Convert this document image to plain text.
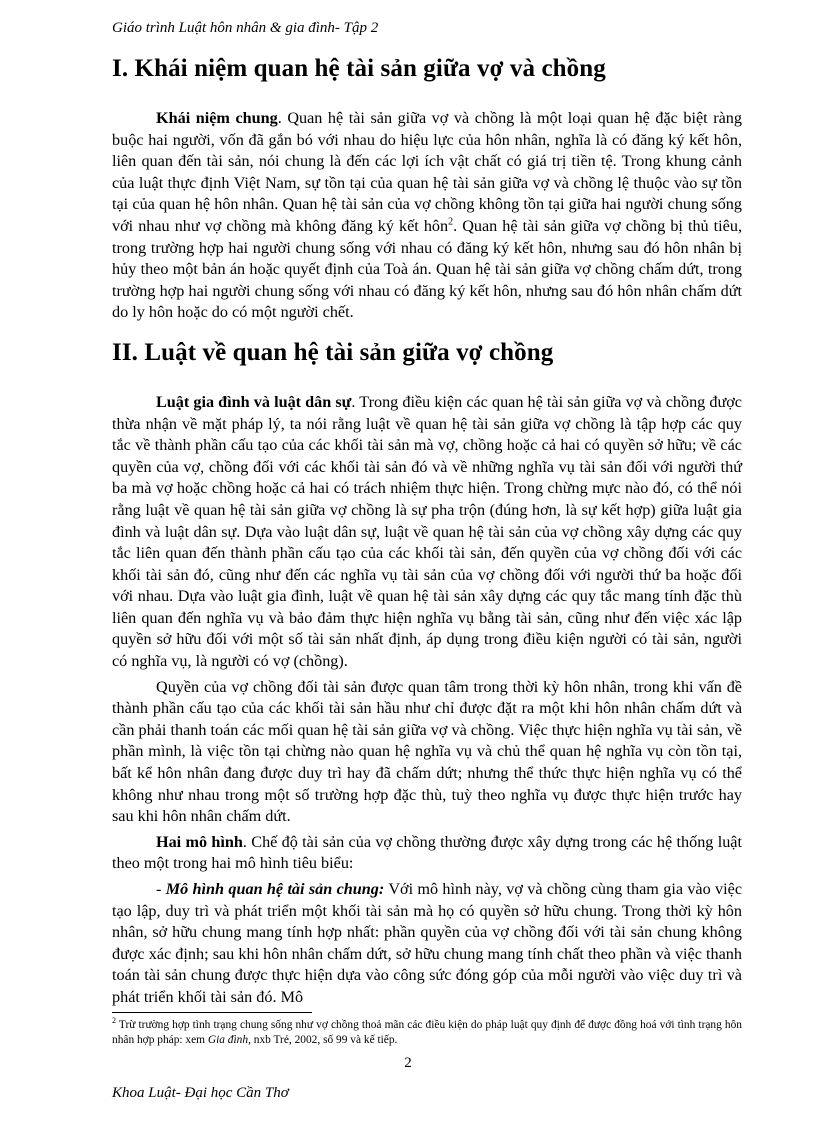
Giáo trình Luật hôn nhân & gia đình- Tập 2
I. Khái niệm quan hệ tài sản giữa vợ và chồng

Khái niệm chung. Quan hệ tài sản giữa vợ và chồng là một loại quan hệ đặc biệt ràng buộc hai người, vốn đã gắn bó với nhau do hiệu lực của hôn nhân, nghĩa là có đăng ký kết hôn, liên quan đến tài sản, nói chung là đến các lợi ích vật chất có giá trị tiền tệ. Trong khung cảnh của luật thực định Việt Nam, sự tồn tại của quan hệ tài sản giữa vợ và chồng lệ thuộc vào sự tồn tại của quan hệ hôn nhân. Quan hệ tài sản của vợ chồng không tồn tại giữa hai người chung sống với nhau như vợ chồng mà không đăng ký kết hôn$^2$. Quan hệ tài sản giữa vợ chồng bị thủ tiêu, trong trường hợp hai người chung sống với nhau có đăng ký kết hôn, nhưng sau đó hôn nhân bị hủy theo một bản án hoặc quyết định của Toà án. Quan hệ tài sản giữa vợ chồng chấm dứt, trong trường hợp hai người chung sống với nhau có đăng ký kết hôn, nhưng sau đó hôn nhân chấm dứt do ly hôn hoặc do có một người chết.

II. Luật về quan hệ tài sản giữa vợ chồng

Luật gia đình và luật dân sự. Trong điều kiện các quan hệ tài sản giữa vợ và chồng được thừa nhận về mặt pháp lý, ta nói rằng luật về quan hệ tài sản giữa vợ chồng là tập hợp các quy tắc về thành phần cấu tạo của các khối tài sản mà vợ, chồng hoặc cả hai có quyền sở hữu; về các quyền của vợ, chồng đối với các khối tài sản đó và về những nghĩa vụ tài sản đối với người thứ ba mà vợ hoặc chồng hoặc cả hai có trách nhiệm thực hiện. Trong chừng mực nào đó, có thể nói rằng luật về quan hệ tài sản giữa vợ chồng là sự pha trộn (đúng hơn, là sự kết hợp) giữa luật gia đình và luật dân sự. Dựa vào luật dân sự, luật về quan hệ tài sản của vợ chồng xây dựng các quy tắc liên quan đến thành phần cấu tạo của các khối tài sản, đến quyền của vợ chồng đối với các khối tài sản đó, cũng như đến các nghĩa vụ tài sản của vợ chồng đối với người thứ ba hoặc đối với nhau. Dựa vào luật gia đình, luật về quan hệ tài sản xây dựng các quy tắc mang tính đặc thù liên quan đến nghĩa vụ và bảo đảm thực hiện nghĩa vụ bằng tài sản, cũng như đến việc xác lập quyền sở hữu đối với một số tài sản nhất định, áp dụng trong điều kiện người có tài sản, người có nghĩa vụ, là người có vợ (chồng).

Quyền của vợ chồng đối tài sản được quan tâm trong thời kỳ hôn nhân, trong khi vấn đề thành phần cấu tạo của các khối tài sản hầu như chỉ được đặt ra một khi hôn nhân chấm dứt và cần phải thanh toán các mối quan hệ tài sản giữa vợ và chồng. Việc thực hiện nghĩa vụ tài sản, về phần mình, là việc tồn tại chừng nào quan hệ nghĩa vụ và chủ thể quan hệ nghĩa vụ còn tồn tại, bất kể hôn nhân đang được duy trì hay đã chấm dứt; nhưng thể thức thực hiện nghĩa vụ có thể không như nhau trong một số trường hợp đặc thù, tuỳ theo nghĩa vụ được thực hiện trước hay sau khi hôn nhân chấm dứt.

Hai mô hình. Chế độ tài sản của vợ chồng thường được xây dựng trong các hệ thống luật theo một trong hai mô hình tiêu biểu:

- Mô hình quan hệ tài sản chung: Với mô hình này, vợ và chồng cùng tham gia vào việc tạo lập, duy trì và phát triển một khối tài sản mà họ có quyền sở hữu chung. Trong thời kỳ hôn nhân, sở hữu chung mang tính hợp nhất: phần quyền của vợ chồng đối với tài sản chung không được xác định; sau khi hôn nhân chấm dứt, sở hữu chung mang tính chất theo phần và việc thanh toán tài sản chung được thực hiện dựa vào công sức đóng góp của mỗi người vào việc duy trì và phát triển khối tài sản đó. Mô

$^2$ Trừ trường hợp tình trạng chung sống như vợ chồng thoả mãn các điều kiện do pháp luật quy định để được đồng hoá với tình trạng hôn nhân hợp pháp: xem Gia đình, nxb Trẻ, 2002, số 99 và kế tiếp.
2
Khoa Luật- Đại học Cần Thơ
